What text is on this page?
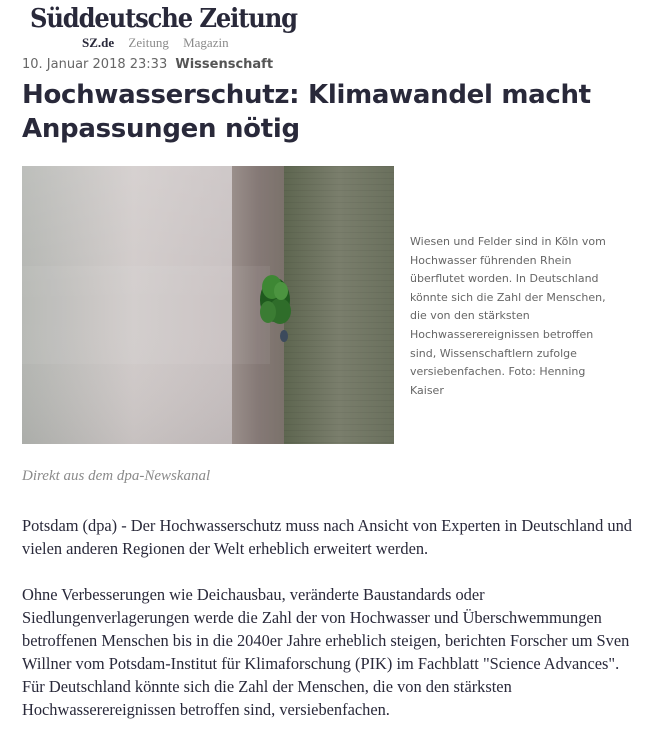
Süddeutsche Zeitung
SZ.de Zeitung Magazin
10. Januar 2018 23:33 Wissenschaft
Hochwasserschutz: Klimawandel macht Anpassungen nötig
Wiesen und Felder sind in Köln vom Hochwasser führenden Rhein überflutet worden. In Deutschland könnte sich die Zahl der Menschen, die von den stärksten Hochwasserereignissen betroffen sind, Wissenschaftlern zufolge versiebenfachen. Foto: Henning Kaiser
Direkt aus dem dpa-Newskanal

Potsdam (dpa) - Der Hochwasserschutz muss nach Ansicht von Experten in Deutschland und vielen anderen Regionen der Welt erheblich erweitert werden.

Ohne Verbesserungen wie Deichausbau, veränderte Baustandards oder Siedlungenverlagerungen werde die Zahl der von Hochwasser und Überschwemmungen betroffenen Menschen bis in die 2040er Jahre erheblich steigen, berichten Forscher um Sven Willner vom Potsdam-Institut für Klimaforschung (PIK) im Fachblatt "Science Advances". Für Deutschland könnte sich die Zahl der Menschen, die von den stärksten Hochwasserereignissen betroffen sind, versiebenfachen.
